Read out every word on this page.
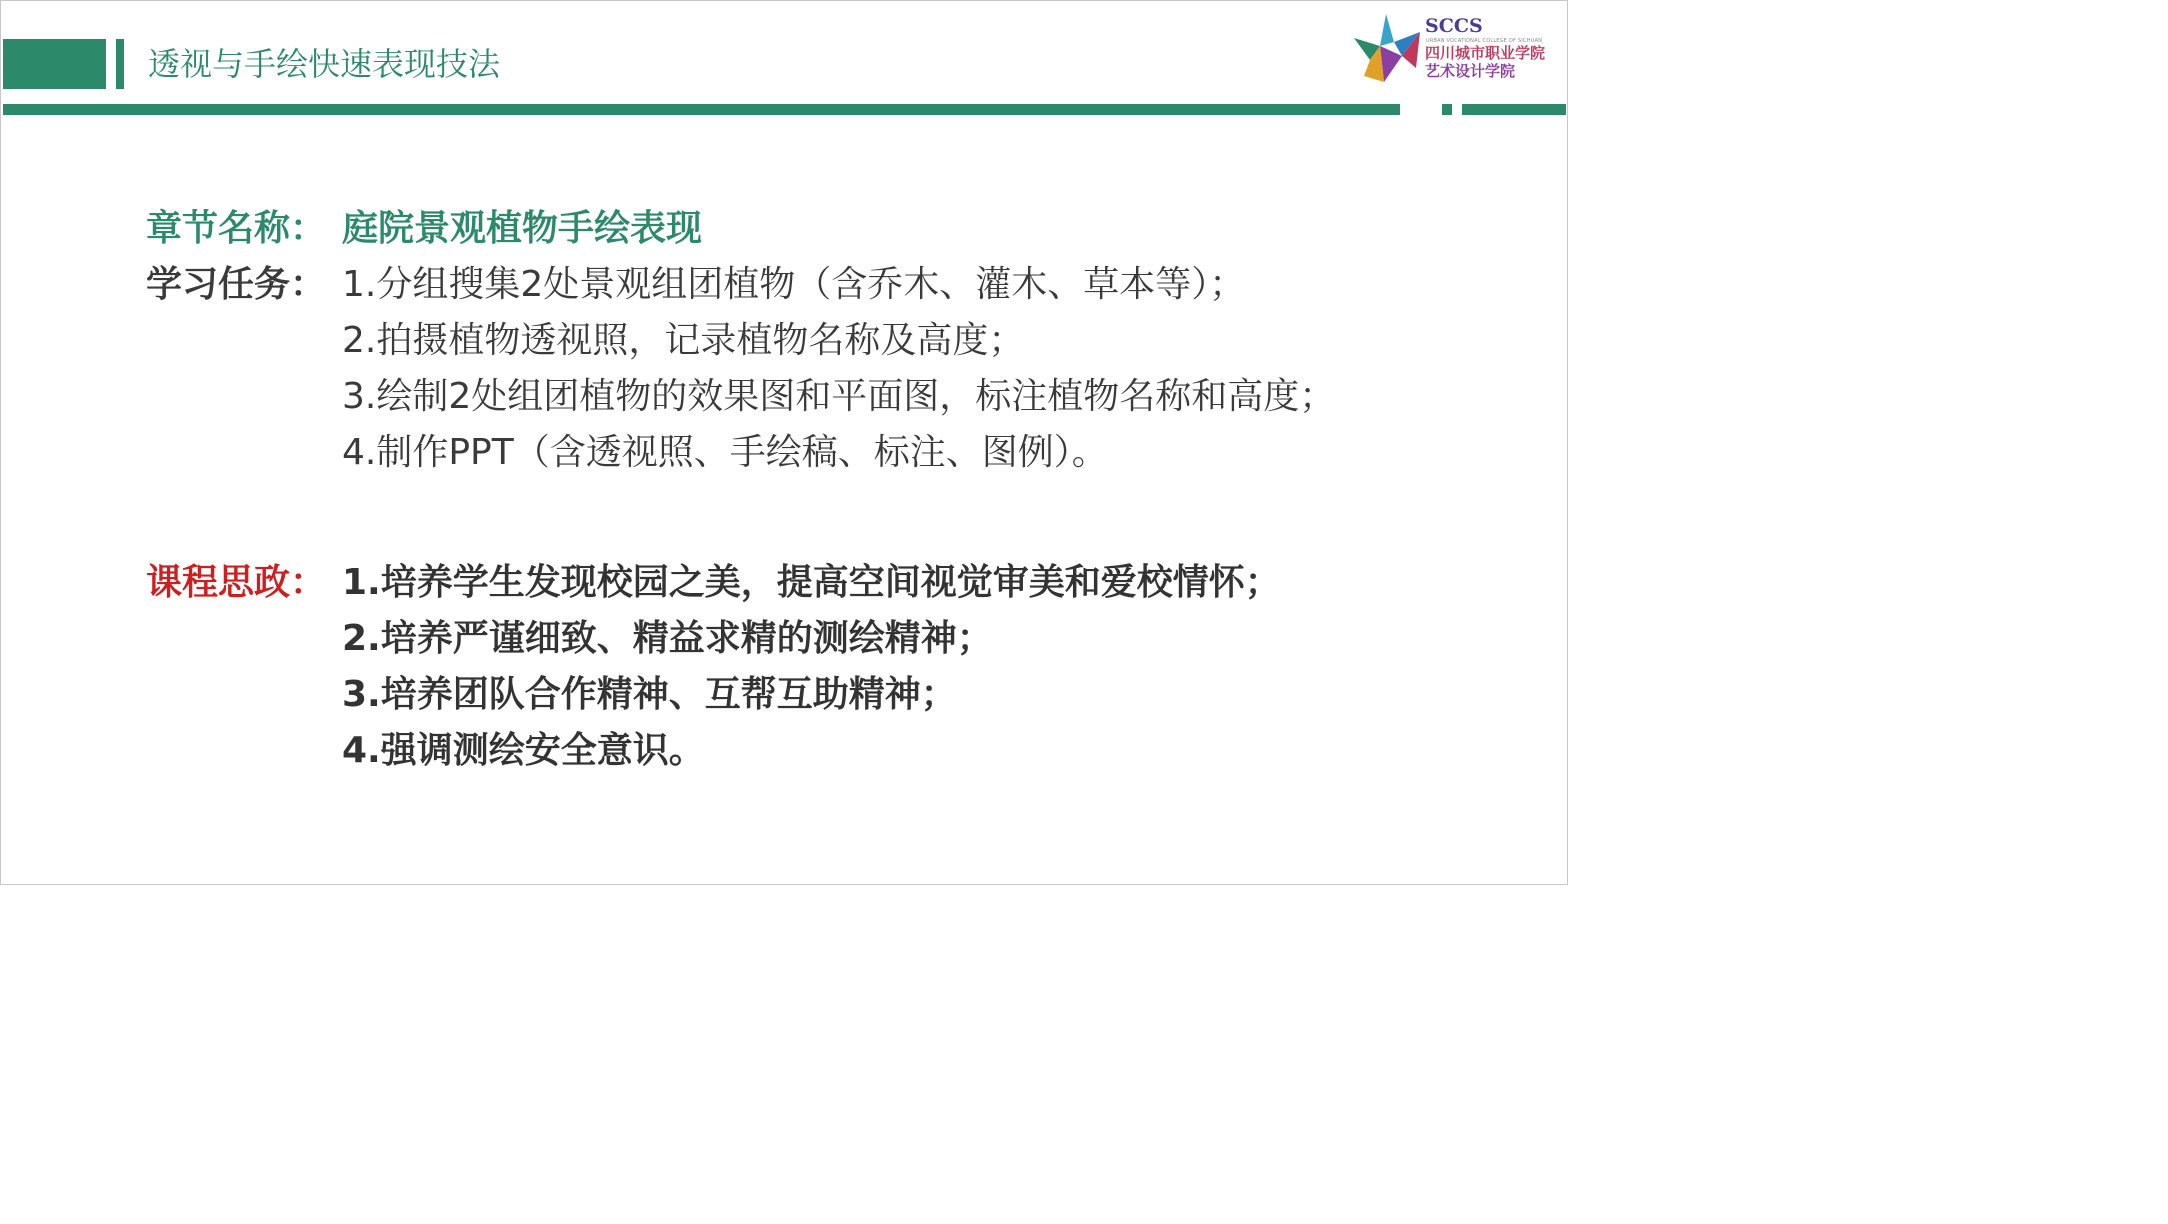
透视与手绘快速表现技法
SCCS
URBAN VOCATIONAL COLLEGE OF SICHUAN
四川城市职业学院
艺术设计学院
章节名称： 庭院景观植物手绘表现
学习任务： 1.分组搜集2处景观组团植物（含乔木、灌木、草本等）；
2.拍摄植物透视照，记录植物名称及高度；
3.绘制2处组团植物的效果图和平面图，标注植物名称和高度；
4.制作PPT（含透视照、手绘稿、标注、图例）。
课程思政： 1.培养学生发现校园之美，提高空间视觉审美和爱校情怀；
2.培养严谨细致、精益求精的测绘精神；
3.培养团队合作精神、互帮互助精神；
4.强调测绘安全意识。
